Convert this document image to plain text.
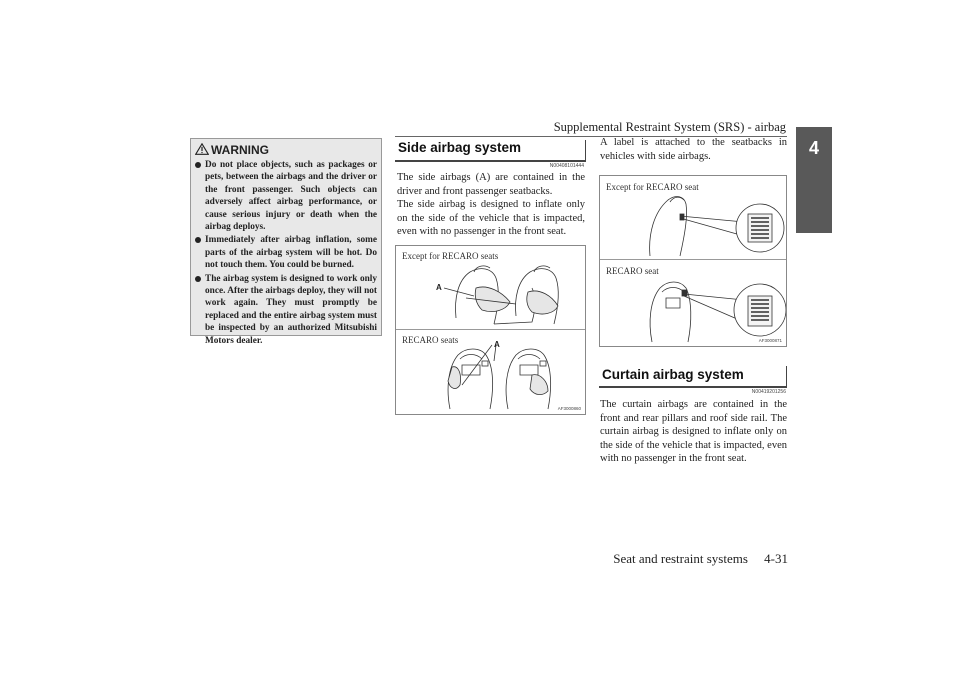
Supplemental Restraint System (SRS) - airbag
4
WARNING
Do not place objects, such as packages or pets, between the airbags and the driver or the front passenger. Such objects can adversely affect airbag performance, or cause serious injury or death when the airbag deploys.
Immediately after airbag inflation, some parts of the airbag system will be hot. Do not touch them. You could be burned.
The airbag system is designed to work only once. After the airbags deploy, they will not work again. They must promptly be replaced and the entire airbag system must be inspected by an authorized Mitsubishi Motors dealer.
Side airbag system
N00408101444
The side airbags (A) are contained in the driver and front passenger seatbacks.
The side airbag is designed to inflate only on the side of the vehicle that is impacted, even with no passenger in the front seat.
Except for RECARO seats
RECARO seats
A
A
AF3000860
A label is attached to the seatbacks in vehicles with side airbags.
Except for RECARO seat
RECARO seat
AF3000871
Curtain airbag system
N00419201256
The curtain airbags are contained in the front and rear pillars and roof side rail. The curtain airbag is designed to inflate only on the side of the vehicle that is impacted, even with no passenger in the front seat.
Seat and restraint systems     4-31
